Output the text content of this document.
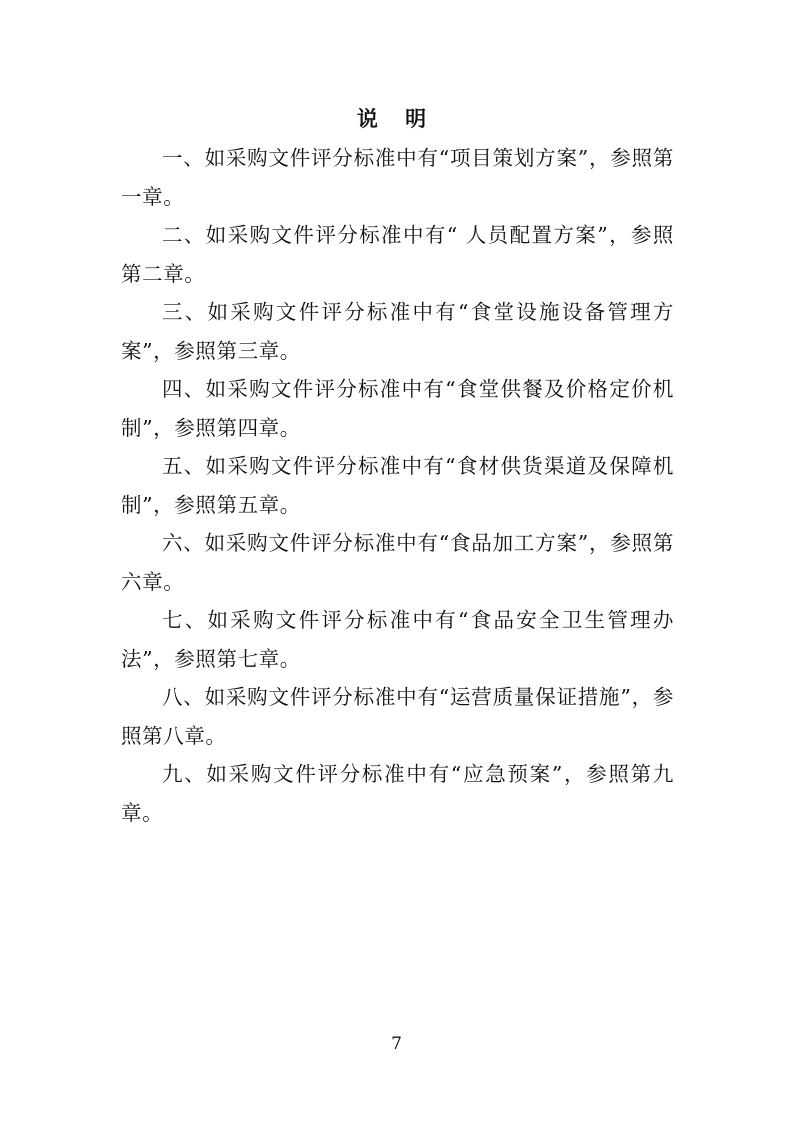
说 明

一、如采购文件评分标准中有“项目策划方案”，参照第一章。

二、如采购文件评分标准中有“ 人员配置方案”，参照第二章。

三、如采购文件评分标准中有“食堂设施设备管理方案”，参照第三章。

四、如采购文件评分标准中有“食堂供餐及价格定价机制”，参照第四章。

五、如采购文件评分标准中有“食材供货渠道及保障机制”，参照第五章。

六、如采购文件评分标准中有“食品加工方案”，参照第六章。

七、如采购文件评分标准中有“食品安全卫生管理办法”，参照第七章。

八、如采购文件评分标准中有“运营质量保证措施”，参照第八章。

九、如采购文件评分标准中有“应急预案”，参照第九章。

7
